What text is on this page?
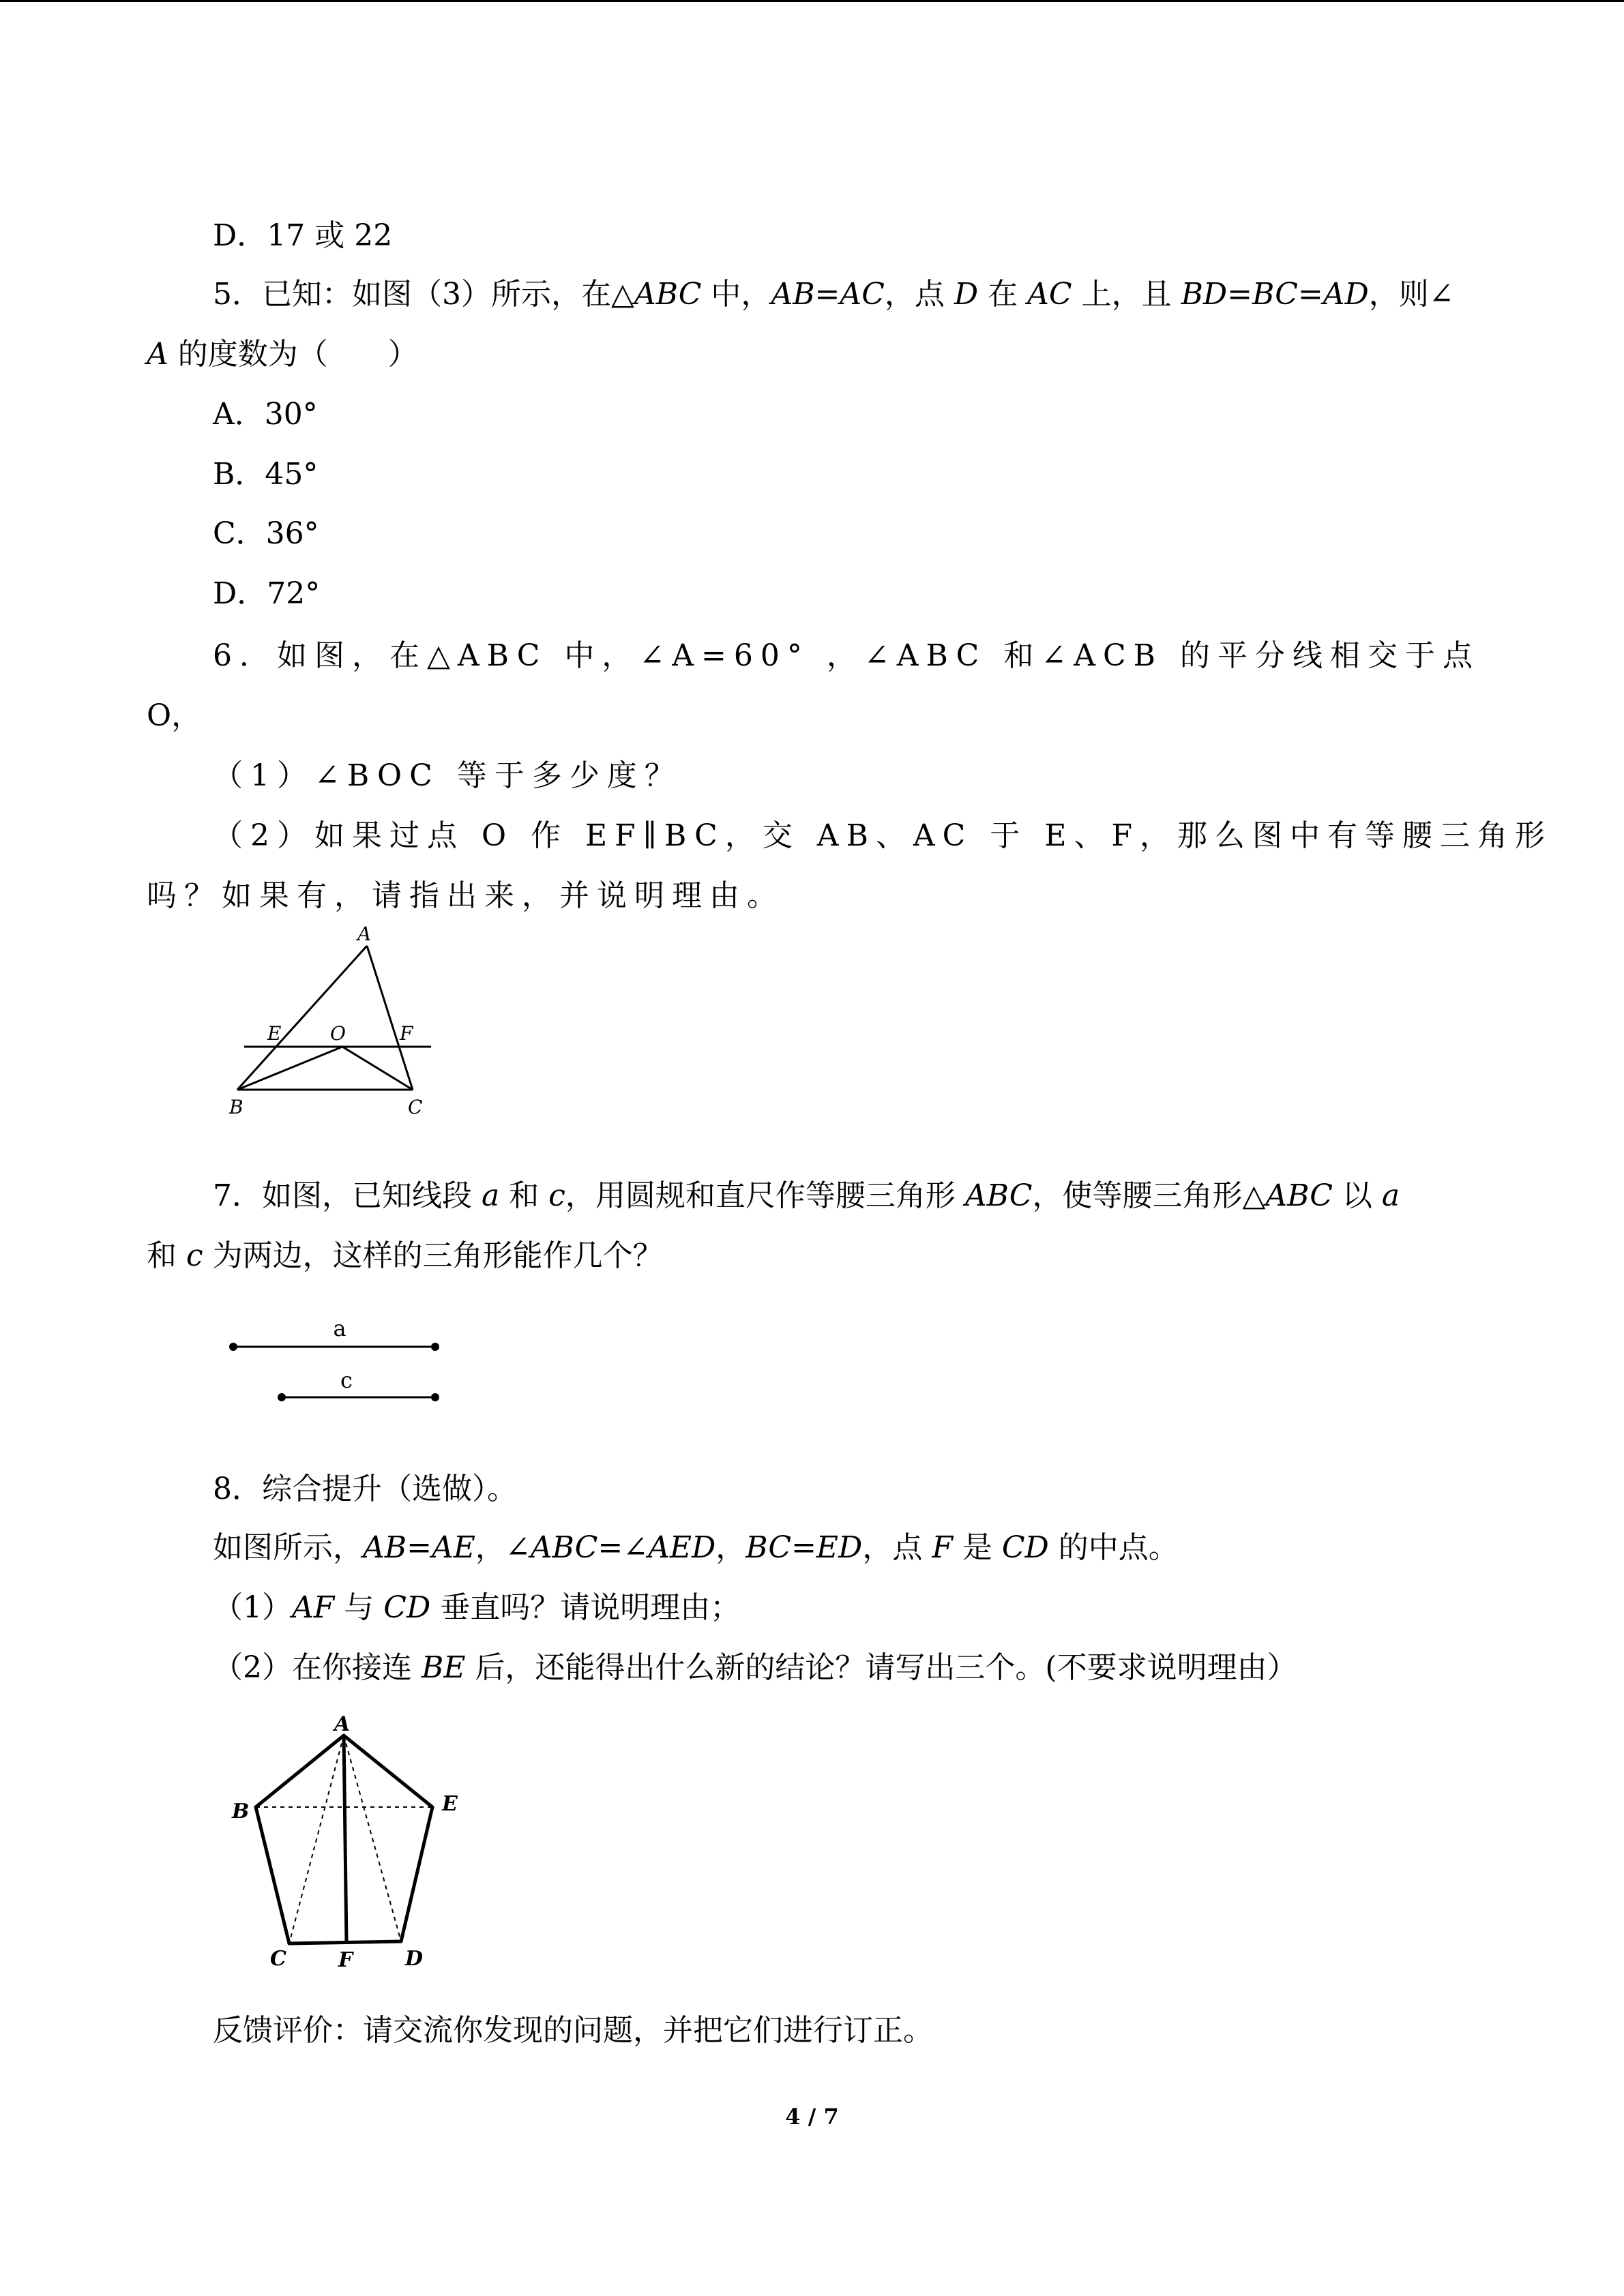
D．17 或 22
5．已知：如图（3）所示，在△ABC 中，AB=AC，点 D 在 AC 上，且 BD=BC=AD，则∠
A 的度数为（　　）
A．30°
B．45°
C．36°
D．72°
6．如图，在△ABC 中，∠A=60° ，∠ABC 和∠ACB 的平分线相交于点
O，
（1）∠BOC 等于多少度？
（2）如果过点 O 作 EF∥BC，交 AB、AC 于 E、F，那么图中有等腰三角形
吗？如果有，请指出来，并说明理由。
A
E	O	F
B	C
7．如图，已知线段 a 和 c，用圆规和直尺作等腰三角形 ABC，使等腰三角形△ABC 以 a
和 c 为两边，这样的三角形能作几个？
a
c
8．综合提升（选做）。
如图所示，AB=AE，∠ABC=∠AED，BC=ED，点 F 是 CD 的中点。
（1）AF 与 CD 垂直吗？请说明理由；
（2）在你接连 BE 后，还能得出什么新的结论？请写出三个。(不要求说明理由）
A
B	E
C	F	D
反馈评价：请交流你发现的问题，并把它们进行订正。
4 / 7
